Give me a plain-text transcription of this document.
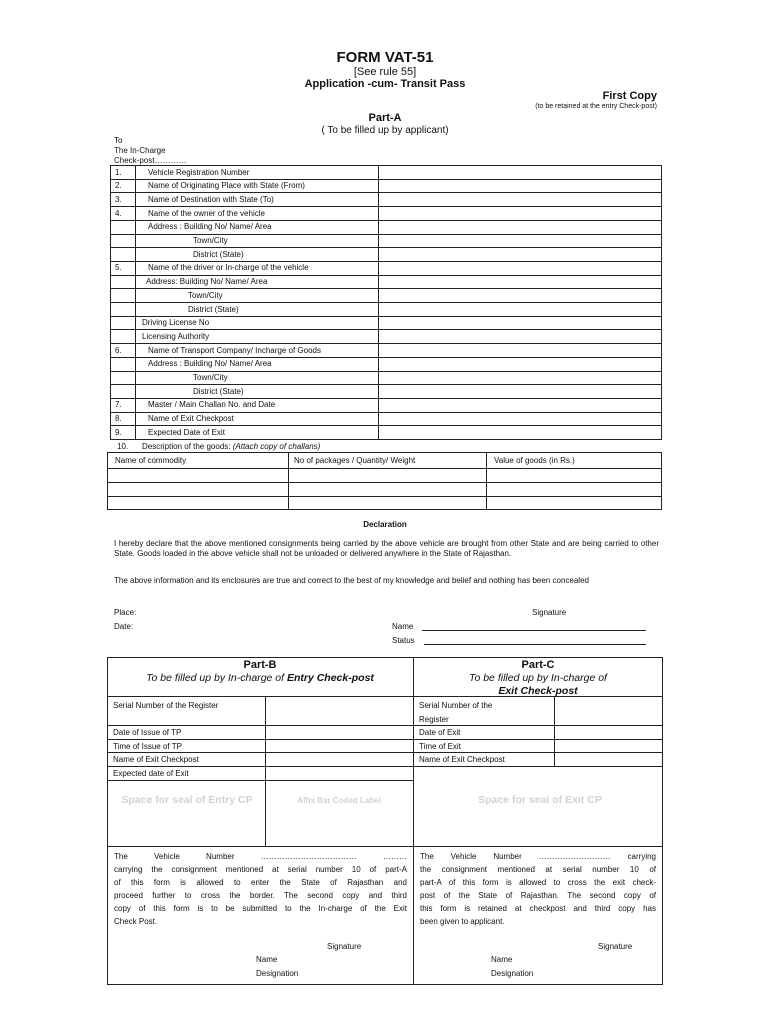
FORM VAT-51
[See rule 55]
Application -cum- Transit Pass
First Copy
(to be retained at the entry Check-post)
Part-A
( To be filled up by applicant)
To
The In-Charge
Check-post…………
1.	Vehicle Registration Number
2.	Name of Originating Place with State (From)
3.	Name of Destination with State (To)
4.	Name of the owner of the vehicle
Address : Building No/ Name/ Area
Town/City
District (State)
5.	Name of the driver or In-charge of the vehicle
Address: Building No/ Name/ Area
Town/City
District (State)
Driving License No
Licensing Authority
6.	Name of Transport Company/ Incharge of Goods
Address : Building No/ Name/ Area
Town/City
District (State)
7.	Master / Main Challan No. and Date
8.	Name of Exit Checkpost
9.	Expected Date of Exit
10. Description of the goods: (Attach copy of challans)
Name of commodity	No of packages / Quantity/ Weight	Value of goods (in Rs.)
Declaration
I hereby declare that the above mentioned consignments being carried by the above vehicle are brought from other State and are being carried to other State. Goods loaded in the above vehicle shall not be unloaded or delivered anywhere in the State of Rajasthan.
The above information and its enclosures are true and correct to the best of my knowledge and belief and nothing has been concealed
Place:
Date:
Signature
Name
Status
Part-B
To be filled up by In-charge of Entry Check-post
Part-C
To be filled up by In-charge of
Exit Check-post
Serial Number of the Register
Date of Issue of TP
Time of Issue of TP
Name of Exit Checkpost
Expected date of Exit
Serial Number of the
Register
Date of Exit
Time of Exit
Name of Exit Checkpost
Space for seal of Entry CP	Affix Bar Coded Label	Space for seal of Exit CP
The Vehicle Number ……………………………… ………
carrying the consignment mentioned at serial number 10 of part-A
of this form is allowed to enter the State of Rajasthan and
proceed further to cross the border. The second copy and third
copy of this form is to be submitted to the In-charge of the Exit
Check Post.
Signature
Name
Designation
The Vehicle Number ……………………… carrying
the consignment mentioned at serial number 10 of
part-A of this form is allowed to cross the exit check-
post of the State of Rajasthan. The second copy of
this form is retained at checkpost and third copy has
been given to applicant.
Signature
Name
Designation
